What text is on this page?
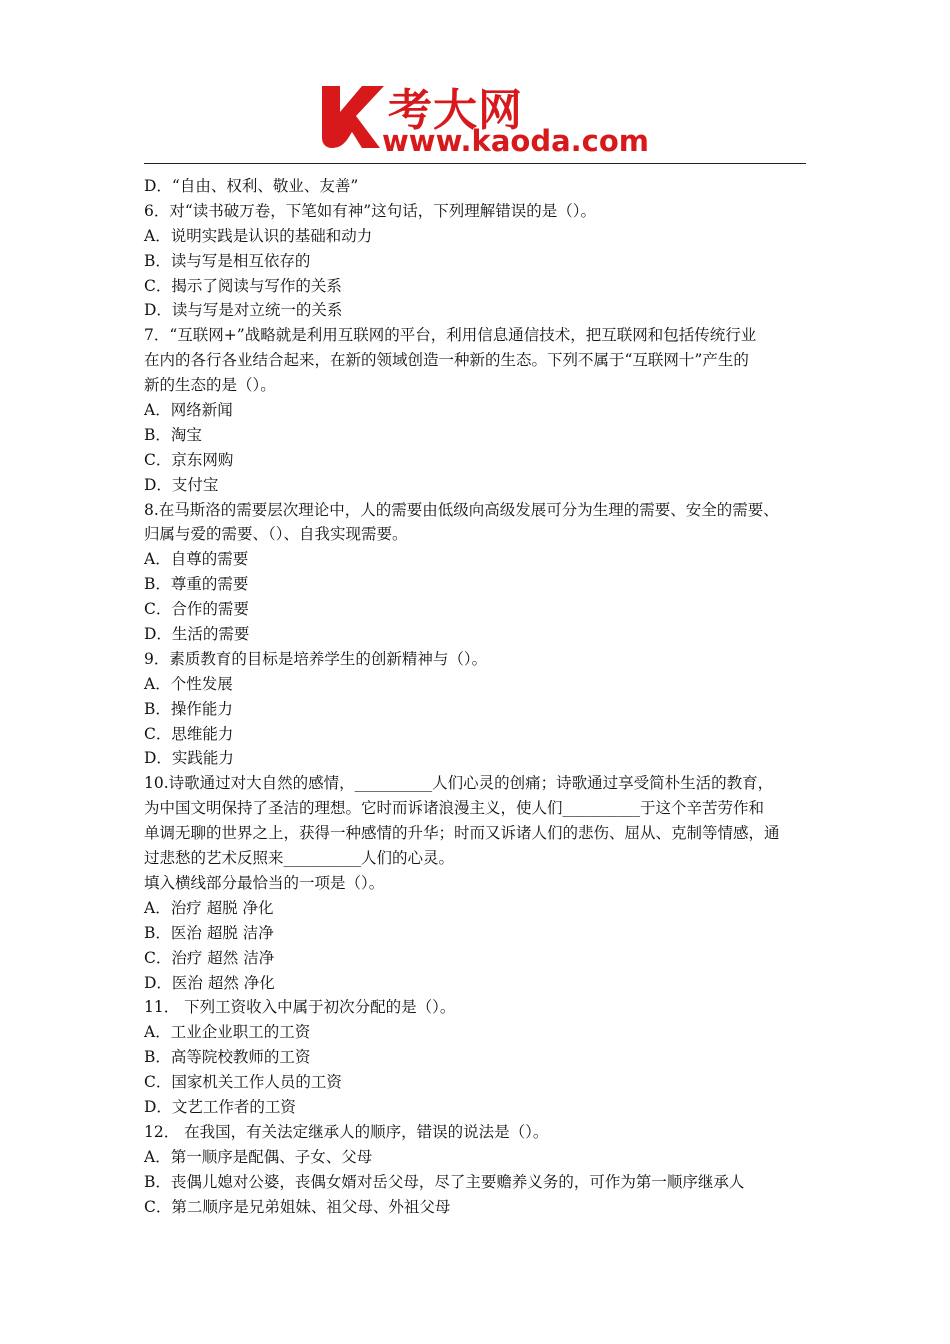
考大网
www.kaoda.com
D．“自由、权利、敬业、友善”
6．对“读书破万卷，下笔如有神”这句话，下列理解错误的是（）。
A．说明实践是认识的基础和动力
B．读与写是相互依存的
C．揭示了阅读与写作的关系
D．读与写是对立统一的关系
7．“互联网+”战略就是利用互联网的平台，利用信息通信技术，把互联网和包括传统行业
在内的各行各业结合起来，在新的领域创造一种新的生态。下列不属于“互联网十”产生的
新的生态的是（）。
A．网络新闻
B．淘宝
C．京东网购
D．支付宝
8.在马斯洛的需要层次理论中，人的需要由低级向高级发展可分为生理的需要、安全的需要、
归属与爱的需要、（）、自我实现需要。
A．自尊的需要
B．尊重的需要
C．合作的需要
D．生活的需要
9．素质教育的目标是培养学生的创新精神与（）。
A．个性发展
B．操作能力
C．思维能力
D．实践能力
10.诗歌通过对大自然的感情，__________人们心灵的创痛；诗歌通过享受简朴生活的教育，
为中国文明保持了圣洁的理想。它时而诉诸浪漫主义，使人们__________于这个辛苦劳作和
单调无聊的世界之上，获得一种感情的升华；时而又诉诸人们的悲伤、屈从、克制等情感，通
过悲愁的艺术反照来__________人们的心灵。
填入横线部分最恰当的一项是（）。
A．治疗 超脱 净化
B．医治 超脱 洁净
C．治疗 超然 洁净
D．医治 超然 净化
11． 下列工资收入中属于初次分配的是（）。
A．工业企业职工的工资
B．高等院校教师的工资
C．国家机关工作人员的工资
D．文艺工作者的工资
12． 在我国，有关法定继承人的顺序，错误的说法是（）。
A．第一顺序是配偶、子女、父母
B．丧偶儿媳对公婆，丧偶女婿对岳父母，尽了主要赡养义务的，可作为第一顺序继承人
C．第二顺序是兄弟姐妹、祖父母、外祖父母
